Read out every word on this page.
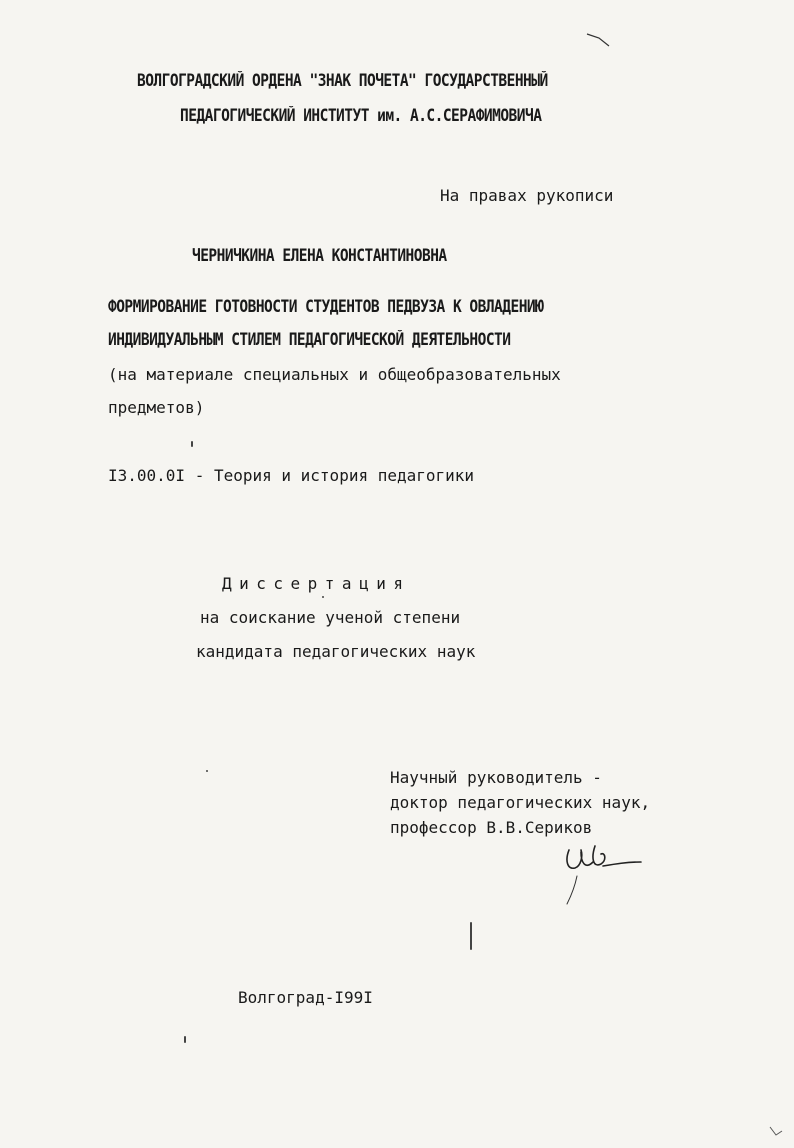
ВОЛГОГРАДСКИЙ ОРДЕНА "ЗНАК ПОЧЕТА" ГОСУДАРСТВЕННЫЙ
ПЕДАГОГИЧЕСКИЙ ИНСТИТУТ им. А.С.СЕРАФИМОВИЧА
На правах рукописи
ЧЕРНИЧКИНА ЕЛЕНА КОНСТАНТИНОВНА
ФОРМИРОВАНИЕ ГОТОВНОСТИ СТУДЕНТОВ ПЕДВУЗА К ОВЛАДЕНИЮ
ИНДИВИДУАЛЬНЫМ СТИЛЕМ ПЕДАГОГИЧЕСКОЙ ДЕЯТЕЛЬНОСТИ
(на материале специальных и общеобразовательных
предметов)
I3.00.0I - Теория и история педагогики
Диссертация
на соискание ученой степени
кандидата педагогических наук
Научный руководитель -
доктор педагогических наук,
профессор В.В.Сериков
Волгоград-I99I
